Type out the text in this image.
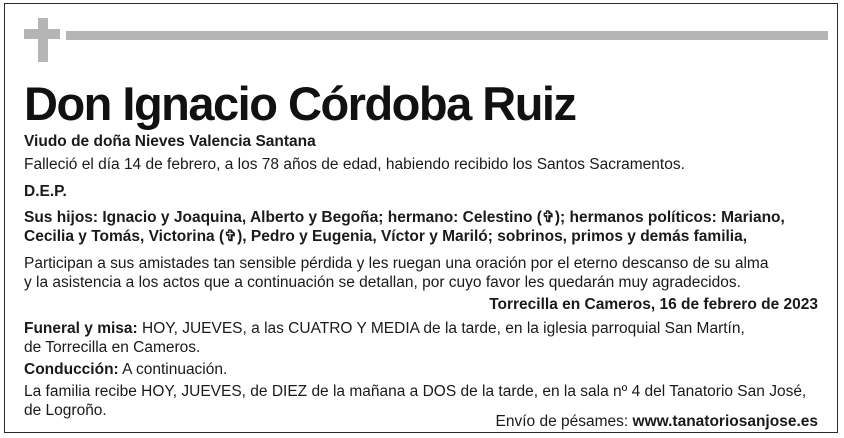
Don Ignacio Córdoba Ruiz
Viudo de doña Nieves Valencia Santana
Falleció el día 14 de febrero, a los 78 años de edad, habiendo recibido los Santos Sacramentos.
D.E.P.
Sus hijos: Ignacio y Joaquina, Alberto y Begoña; hermano: Celestino (✞); hermanos políticos: Mariano,
Cecilia y Tomás, Victorina (✞), Pedro y Eugenia, Víctor y Mariló; sobrinos, primos y demás familia,
Participan a sus amistades tan sensible pérdida y les ruegan una oración por el eterno descanso de su alma
y la asistencia a los actos que a continuación se detallan, por cuyo favor les quedarán muy agradecidos.
Torrecilla en Cameros, 16 de febrero de 2023
Funeral y misa: HOY, JUEVES, a las CUATRO Y MEDIA de la tarde, en la iglesia parroquial San Martín,
de Torrecilla en Cameros.
Conducción: A continuación.
La familia recibe HOY, JUEVES, de DIEZ de la mañana a DOS de la tarde, en la sala nº 4 del Tanatorio San José,
de Logroño.
Envío de pésames: www.tanatoriosanjose.es
